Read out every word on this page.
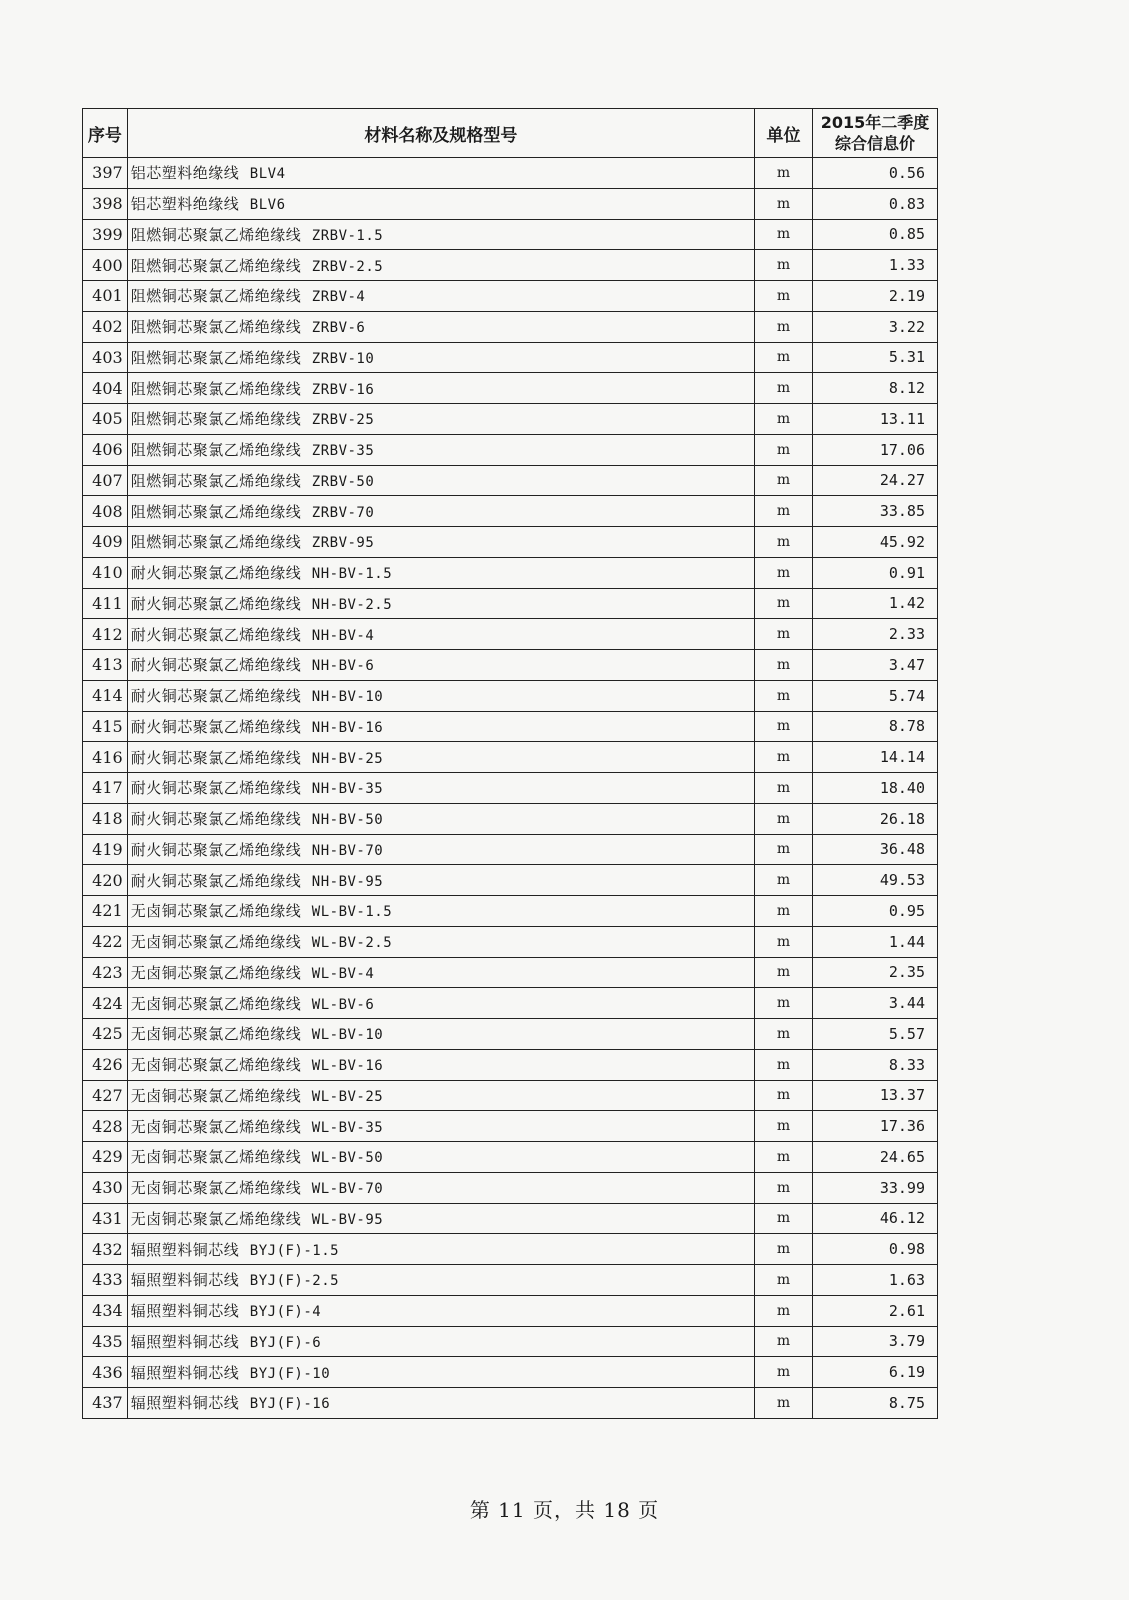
序号	材料名称及规格型号	单位	2015年二季度
综合信息价

397	铝芯塑料绝缘线 BLV4	m	0.56
398	铝芯塑料绝缘线 BLV6	m	0.83
399	阻燃铜芯聚氯乙烯绝缘线 ZRBV-1.5	m	0.85
400	阻燃铜芯聚氯乙烯绝缘线 ZRBV-2.5	m	1.33
401	阻燃铜芯聚氯乙烯绝缘线 ZRBV-4	m	2.19
402	阻燃铜芯聚氯乙烯绝缘线 ZRBV-6	m	3.22
403	阻燃铜芯聚氯乙烯绝缘线 ZRBV-10	m	5.31
404	阻燃铜芯聚氯乙烯绝缘线 ZRBV-16	m	8.12
405	阻燃铜芯聚氯乙烯绝缘线 ZRBV-25	m	13.11
406	阻燃铜芯聚氯乙烯绝缘线 ZRBV-35	m	17.06
407	阻燃铜芯聚氯乙烯绝缘线 ZRBV-50	m	24.27
408	阻燃铜芯聚氯乙烯绝缘线 ZRBV-70	m	33.85
409	阻燃铜芯聚氯乙烯绝缘线 ZRBV-95	m	45.92
410	耐火铜芯聚氯乙烯绝缘线 NH-BV-1.5	m	0.91
411	耐火铜芯聚氯乙烯绝缘线 NH-BV-2.5	m	1.42
412	耐火铜芯聚氯乙烯绝缘线 NH-BV-4	m	2.33
413	耐火铜芯聚氯乙烯绝缘线 NH-BV-6	m	3.47
414	耐火铜芯聚氯乙烯绝缘线 NH-BV-10	m	5.74
415	耐火铜芯聚氯乙烯绝缘线 NH-BV-16	m	8.78
416	耐火铜芯聚氯乙烯绝缘线 NH-BV-25	m	14.14
417	耐火铜芯聚氯乙烯绝缘线 NH-BV-35	m	18.40
418	耐火铜芯聚氯乙烯绝缘线 NH-BV-50	m	26.18
419	耐火铜芯聚氯乙烯绝缘线 NH-BV-70	m	36.48
420	耐火铜芯聚氯乙烯绝缘线 NH-BV-95	m	49.53
421	无卤铜芯聚氯乙烯绝缘线 WL-BV-1.5	m	0.95
422	无卤铜芯聚氯乙烯绝缘线 WL-BV-2.5	m	1.44
423	无卤铜芯聚氯乙烯绝缘线 WL-BV-4	m	2.35
424	无卤铜芯聚氯乙烯绝缘线 WL-BV-6	m	3.44
425	无卤铜芯聚氯乙烯绝缘线 WL-BV-10	m	5.57
426	无卤铜芯聚氯乙烯绝缘线 WL-BV-16	m	8.33
427	无卤铜芯聚氯乙烯绝缘线 WL-BV-25	m	13.37
428	无卤铜芯聚氯乙烯绝缘线 WL-BV-35	m	17.36
429	无卤铜芯聚氯乙烯绝缘线 WL-BV-50	m	24.65
430	无卤铜芯聚氯乙烯绝缘线 WL-BV-70	m	33.99
431	无卤铜芯聚氯乙烯绝缘线 WL-BV-95	m	46.12
432	辐照塑料铜芯线 BYJ(F)-1.5	m	0.98
433	辐照塑料铜芯线 BYJ(F)-2.5	m	1.63
434	辐照塑料铜芯线 BYJ(F)-4	m	2.61
435	辐照塑料铜芯线 BYJ(F)-6	m	3.79
436	辐照塑料铜芯线 BYJ(F)-10	m	6.19
437	辐照塑料铜芯线 BYJ(F)-16	m	8.75
第 11 页，共 18 页
